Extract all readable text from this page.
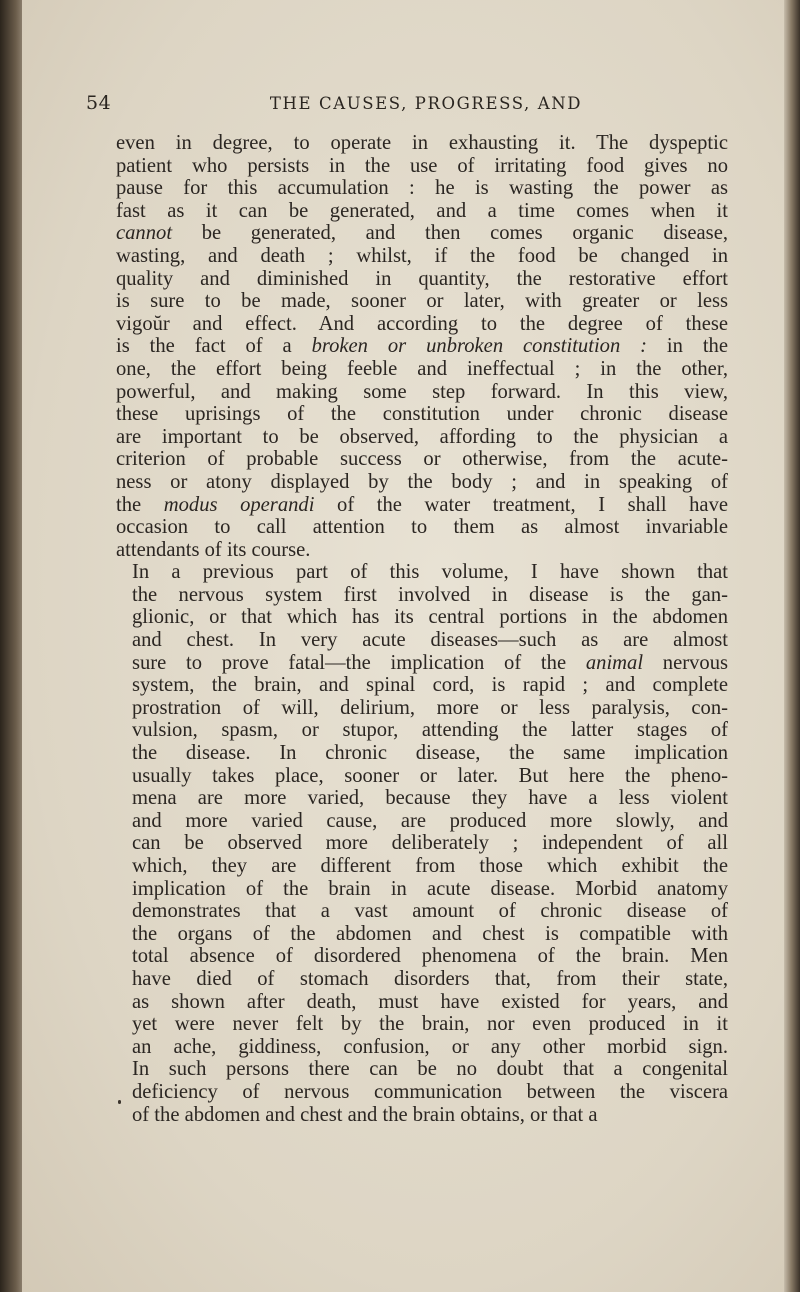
54	THE CAUSES, PROGRESS, AND

even in degree, to operate in exhausting it. The dyspeptic
patient who persists in the use of irritating food gives no
pause for this accumulation : he is wasting the power as
fast as it can be generated, and a time comes when it
cannot be generated, and then comes organic disease,
wasting, and death ; whilst, if the food be changed in
quality and diminished in quantity, the restorative effort
is sure to be made, sooner or later, with greater or less
vigoŭr and effect. And according to the degree of these
is the fact of a broken or unbroken constitution : in the
one, the effort being feeble and ineffectual ; in the other,
powerful, and making some step forward. In this view,
these uprisings of the constitution under chronic disease
are important to be observed, affording to the physician a
criterion of probable success or otherwise, from the acute-
ness or atony displayed by the body ; and in speaking of
the modus operandi of the water treatment, I shall have
occasion to call attention to them as almost invariable
attendants of its course.

In a previous part of this volume, I have shown that
the nervous system first involved in disease is the gan-
glionic, or that which has its central portions in the abdomen
and chest. In very acute diseases—such as are almost
sure to prove fatal—the implication of the animal nervous
system, the brain, and spinal cord, is rapid ; and complete
prostration of will, delirium, more or less paralysis, con-
vulsion, spasm, or stupor, attending the latter stages of
the disease. In chronic disease, the same implication
usually takes place, sooner or later. But here the pheno-
mena are more varied, because they have a less violent
and more varied cause, are produced more slowly, and
can be observed more deliberately ; independent of all
which, they are different from those which exhibit the
implication of the brain in acute disease. Morbid anatomy
demonstrates that a vast amount of chronic disease of
the organs of the abdomen and chest is compatible with
total absence of disordered phenomena of the brain. Men
have died of stomach disorders that, from their state,
as shown after death, must have existed for years, and
yet were never felt by the brain, nor even produced in it
an ache, giddiness, confusion, or any other morbid sign.
In such persons there can be no doubt that a congenital
deficiency of nervous communication between the viscera
of the abdomen and chest and the brain obtains, or that a
